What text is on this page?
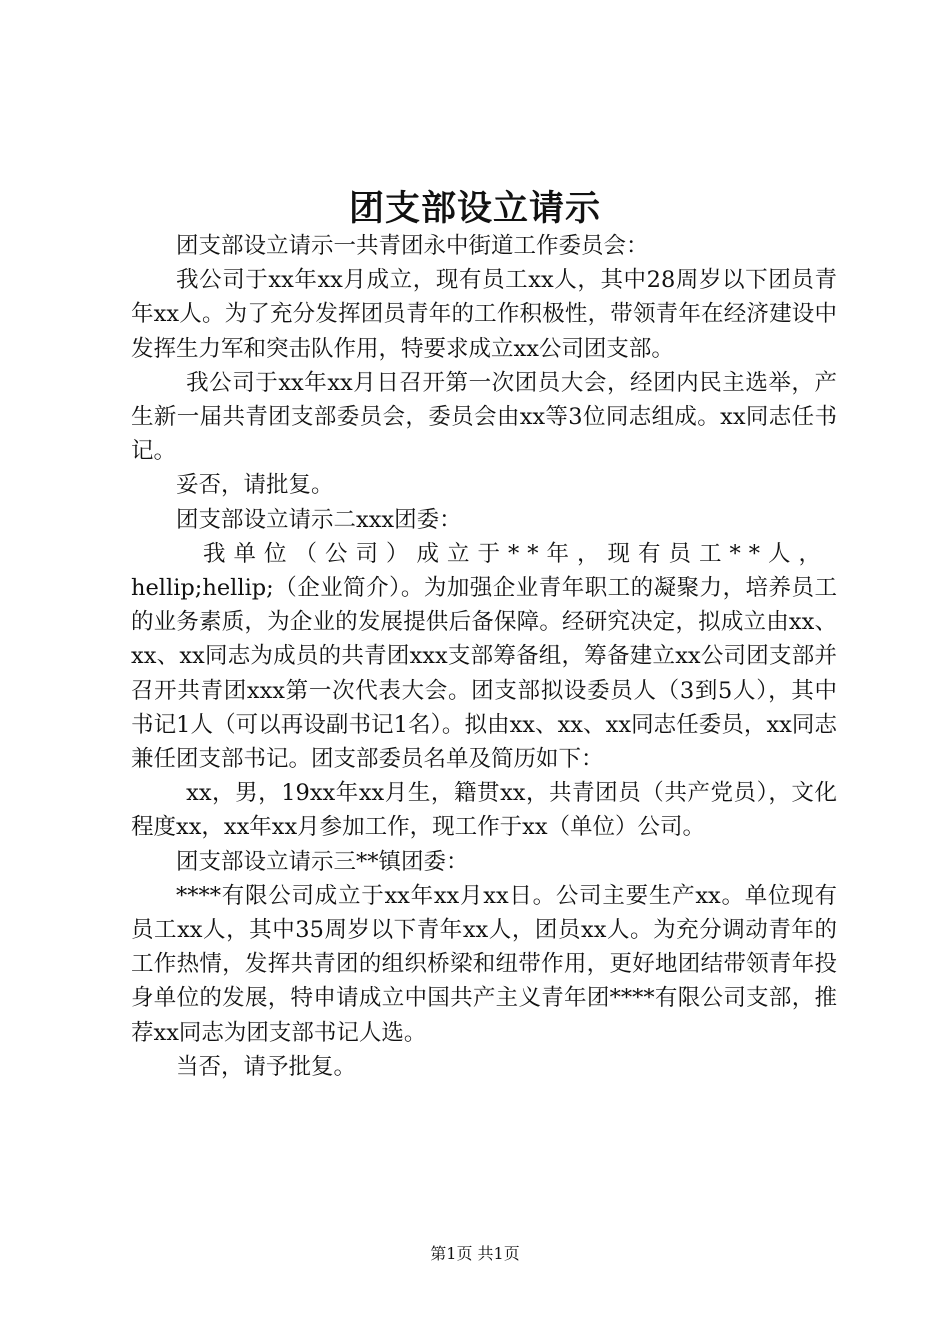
团支部设立请示

团支部设立请示一共青团永中街道工作委员会：

我公司于xx年xx月成立，现有员工xx人，其中28周岁以下团员青年xx人。为了充分发挥团员青年的工作积极性，带领青年在经济建设中发挥生力军和突击队作用，特要求成立xx公司团支部。

我公司于xx年xx月日召开第一次团员大会，经团内民主选举，产生新一届共青团支部委员会，委员会由xx等3位同志组成。xx同志任书记。

妥否，请批复。

团支部设立请示二xxx团委：

我单位（公司）成立于**年，现有员工**人，

hellip;hellip;（企业简介）。为加强企业青年职工的凝聚力，培养员工的业务素质，为企业的发展提供后备保障。经研究决定，拟成立由xx、xx、xx同志为成员的共青团xxx支部筹备组，筹备建立xx公司团支部并召开共青团xxx第一次代表大会。团支部拟设委员人（3到5人），其中书记1人（可以再设副书记1名）。拟由xx、xx、xx同志任委员，xx同志兼任团支部书记。团支部委员名单及简历如下：

xx，男，19xx年xx月生，籍贯xx，共青团员（共产党员），文化程度xx，xx年xx月参加工作，现工作于xx（单位）公司。

团支部设立请示三**镇团委：

****有限公司成立于xx年xx月xx日。公司主要生产xx。单位现有员工xx人，其中35周岁以下青年xx人，团员xx人。为充分调动青年的工作热情，发挥共青团的组织桥梁和纽带作用，更好地团结带领青年投身单位的发展，特申请成立中国共产主义青年团****有限公司支部，推荐xx同志为团支部书记人选。

当否，请予批复。

第1页 共1页
